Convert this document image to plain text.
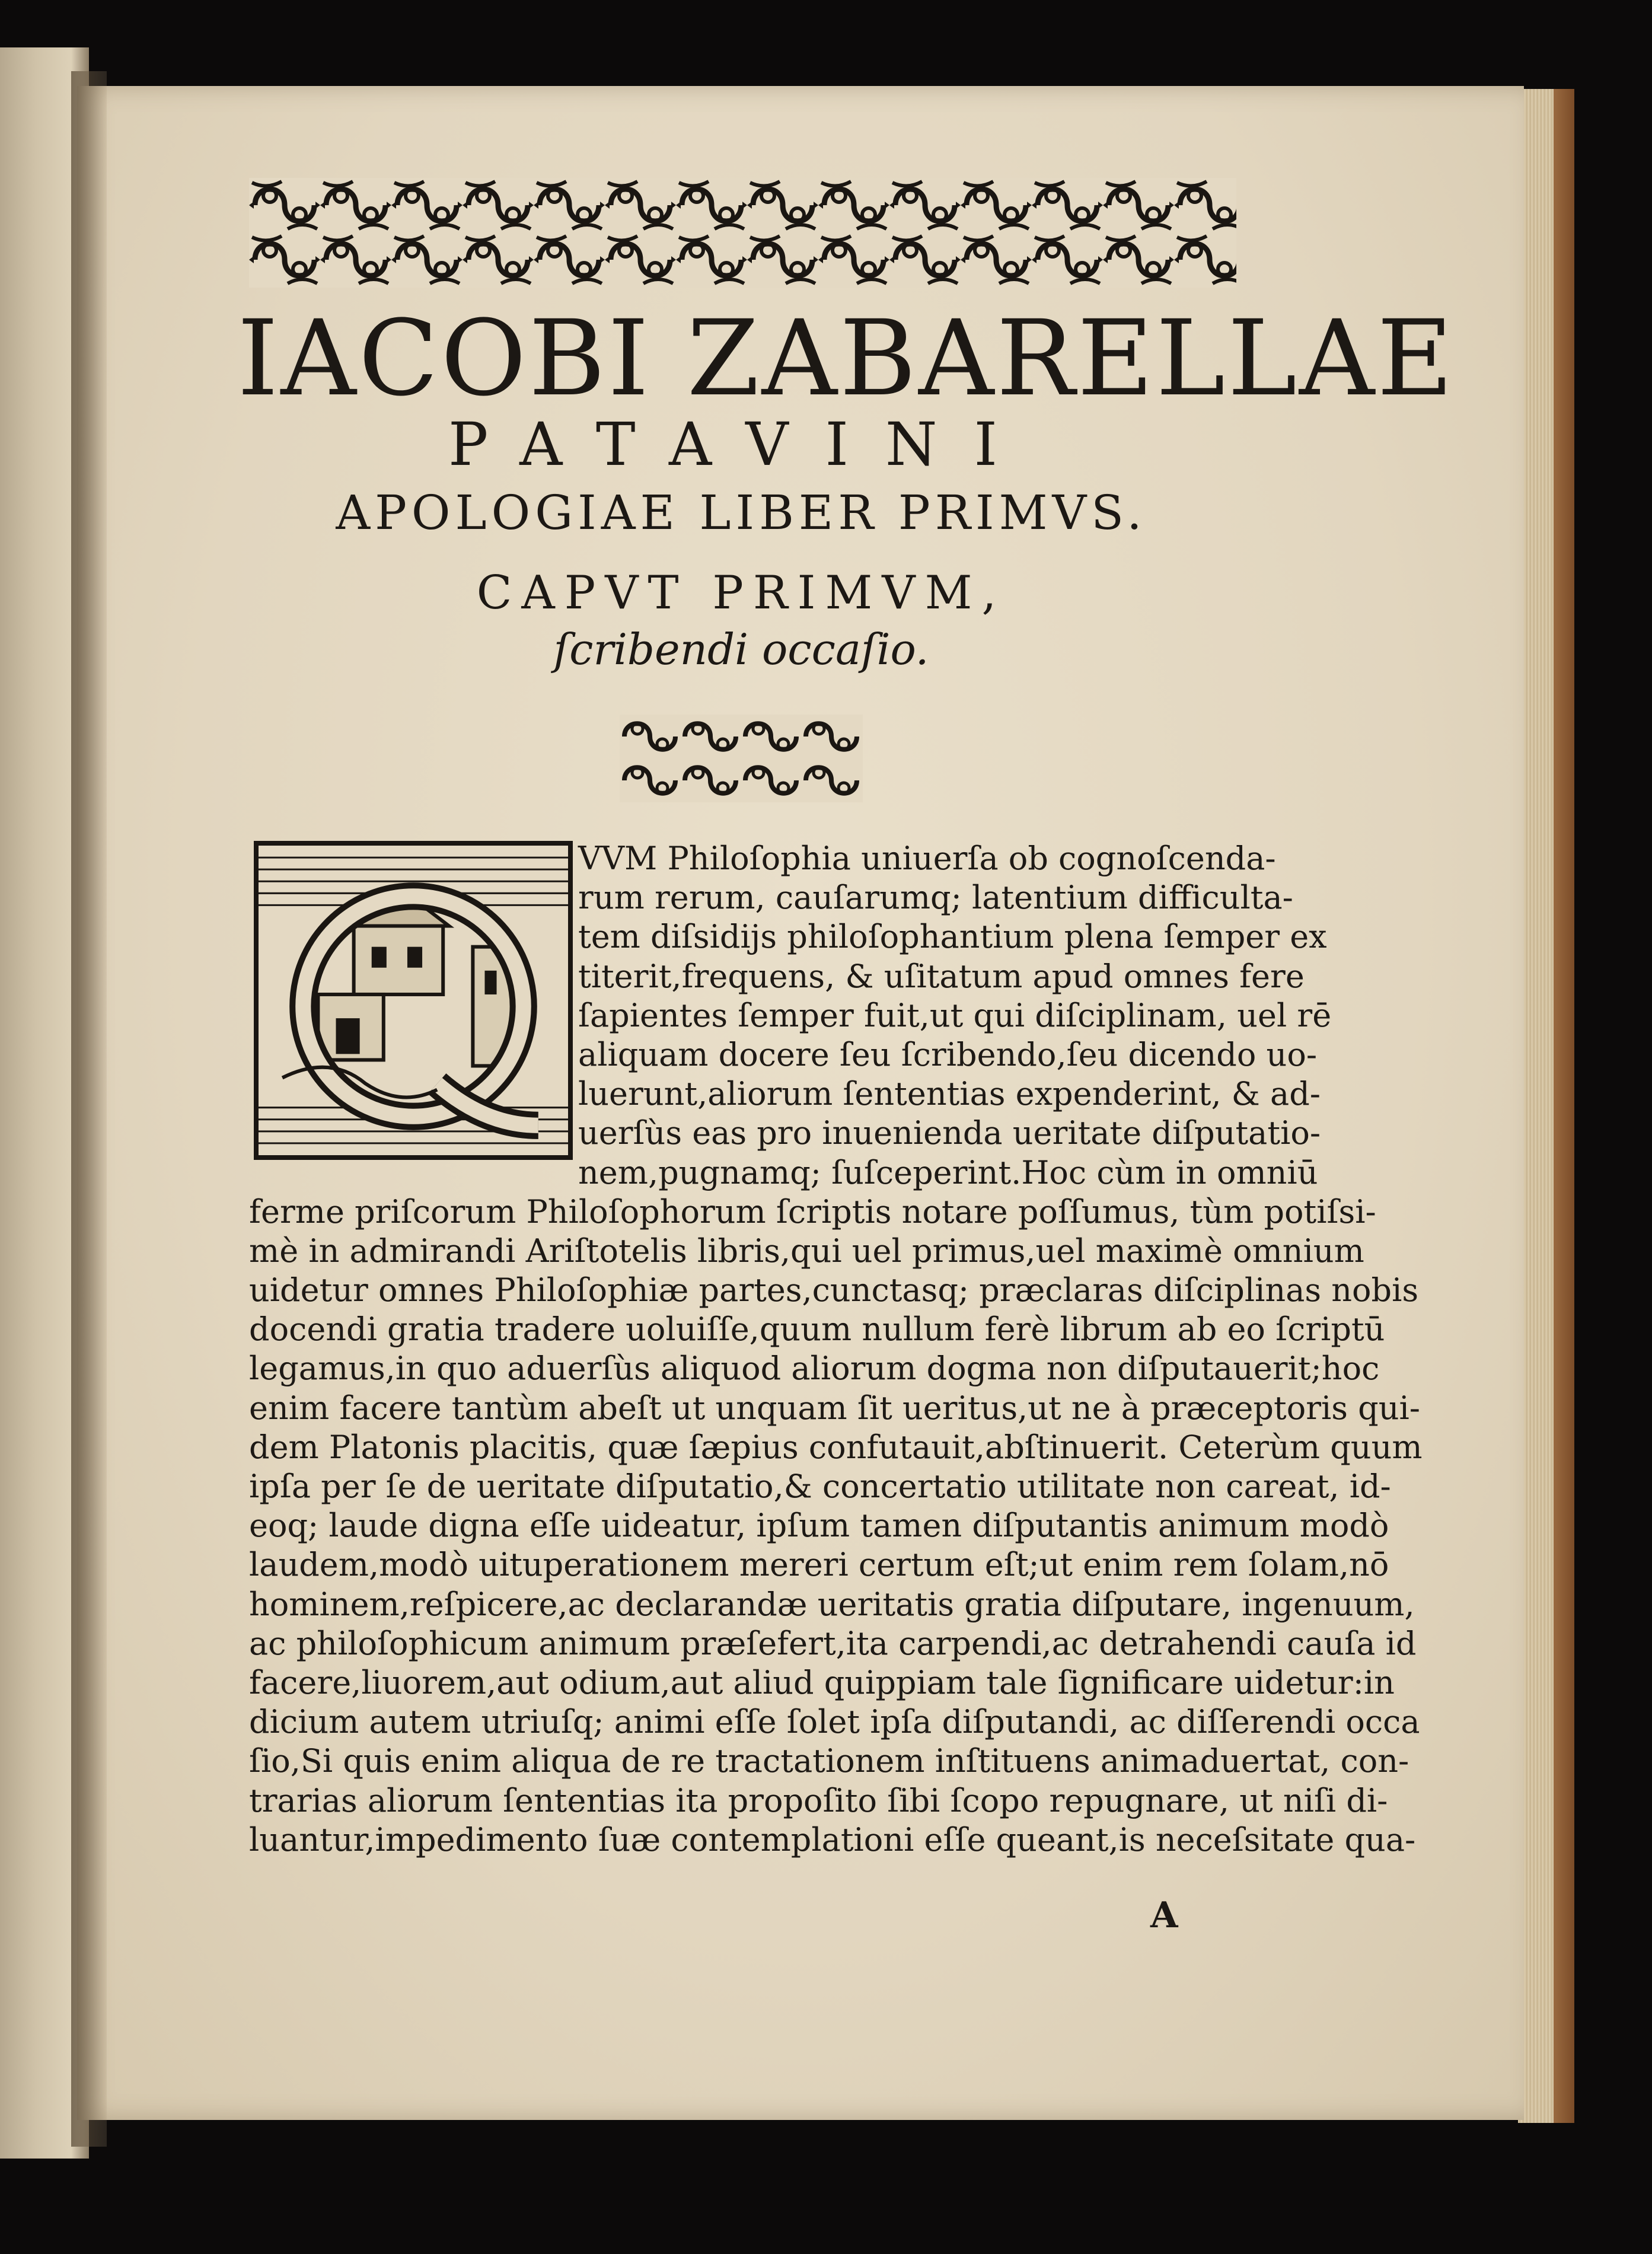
IACOBI ZABARELLAE
PATAVINI
APOLOGIAE LIBER PRIMVS.
CAPVT PRIMVM,
ſcribendi occaſio.
VVM Philoſophia uniuerſa ob cognoſcenda-
rum rerum, cauſarumq; latentium difficulta-
tem diſsidijs philoſophantium plena ſemper ex
titerit,frequens, & uſitatum apud omnes fere
ſapientes ſemper fuit,ut qui diſciplinam, uel rē
aliquam docere ſeu ſcribendo,ſeu dicendo uo-
luerunt,aliorum ſententias expenderint, & ad-
uerſùs eas pro inuenienda ueritate diſputatio-
nem,pugnamq; ſuſceperint.Hoc cùm in omniū
ferme priſcorum Philoſophorum ſcriptis notare poſſumus, tùm potiſsi-
mè in admirandi Ariſtotelis libris,qui uel primus,uel maximè omnium
uidetur omnes Philoſophiæ partes,cunctasq; præclaras diſciplinas nobis
docendi gratia tradere uoluiſſe,quum nullum ferè librum ab eo ſcriptū
legamus,in quo aduerſùs aliquod aliorum dogma non diſputauerit;hoc
enim facere tantùm abeſt ut unquam ſit ueritus,ut ne à præceptoris qui-
dem Platonis placitis, quæ ſæpius confutauit,abſtinuerit. Ceterùm quum
ipſa per ſe de ueritate diſputatio,& concertatio utilitate non careat, id-
eoq; laude digna eſſe uideatur, ipſum tamen diſputantis animum modò
laudem,modò uituperationem mereri certum eſt;ut enim rem ſolam,nō
hominem,reſpicere,ac declarandæ ueritatis gratia diſputare, ingenuum,
ac philoſophicum animum præſefert,ita carpendi,ac detrahendi cauſa id
facere,liuorem,aut odium,aut aliud quippiam tale ſignificare uidetur:in
dicium autem utriuſq; animi eſſe ſolet ipſa diſputandi, ac diſſerendi occa
ſio,Si quis enim aliqua de re tractationem inſtituens animaduertat, con-
trarias aliorum ſententias ita propoſito ſibi ſcopo repugnare, ut niſi di-
luantur,impedimento ſuæ contemplationi eſſe queant,is neceſsitate qua-
A
